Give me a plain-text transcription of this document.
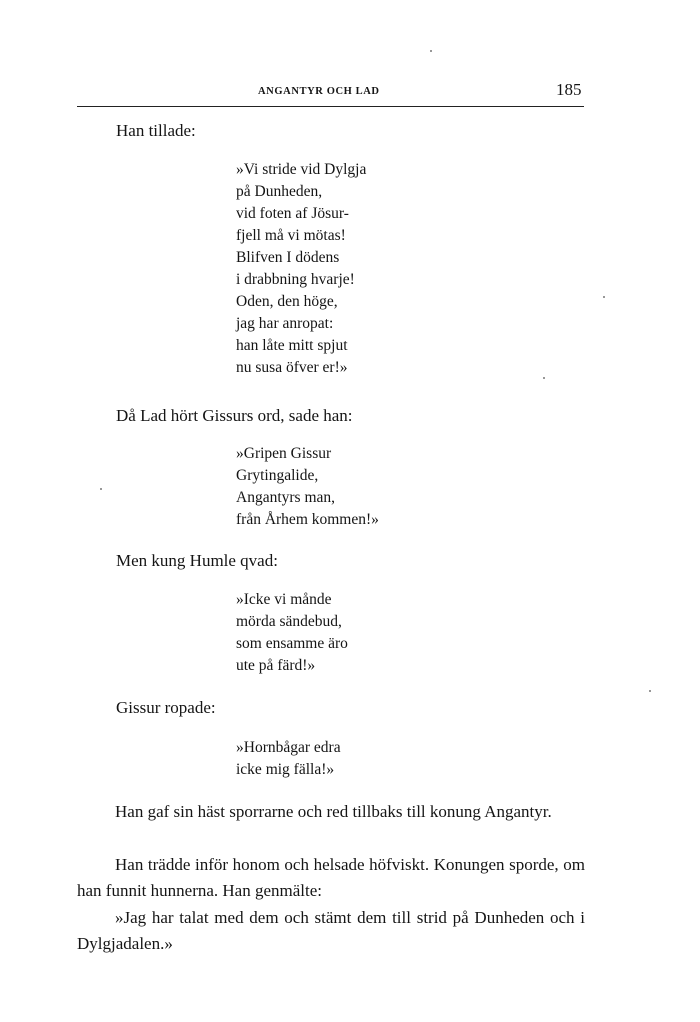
ANGANTYR OCH LAD	185
Han tillade:
»Vi stride vid Dylgja
på Dunheden,
vid foten af Jösur-
fjell må vi mötas!
Blifven I dödens
i drabbning hvarje!
Oden, den höge,
jag har anropat:
han låte mitt spjut
nu susa öfver er!»
Då Lad hört Gissurs ord, sade han:
»Gripen Gissur
Grytingalide,
Angantyrs man,
från Århem kommen!»
Men kung Humle qvad:
»Icke vi månde
mörda sändebud,
som ensamme äro
ute på färd!»
Gissur ropade:
»Hornbågar edra
icke mig fälla!»

Han gaf sin häst sporrarne och red tillbaks till konung Angantyr.

Han trädde inför honom och helsade höfviskt. Konungen sporde, om han funnit hunnerna. Han genmälte:

»Jag har talat med dem och stämt dem till strid på Dunheden och i Dylgjadalen.»
